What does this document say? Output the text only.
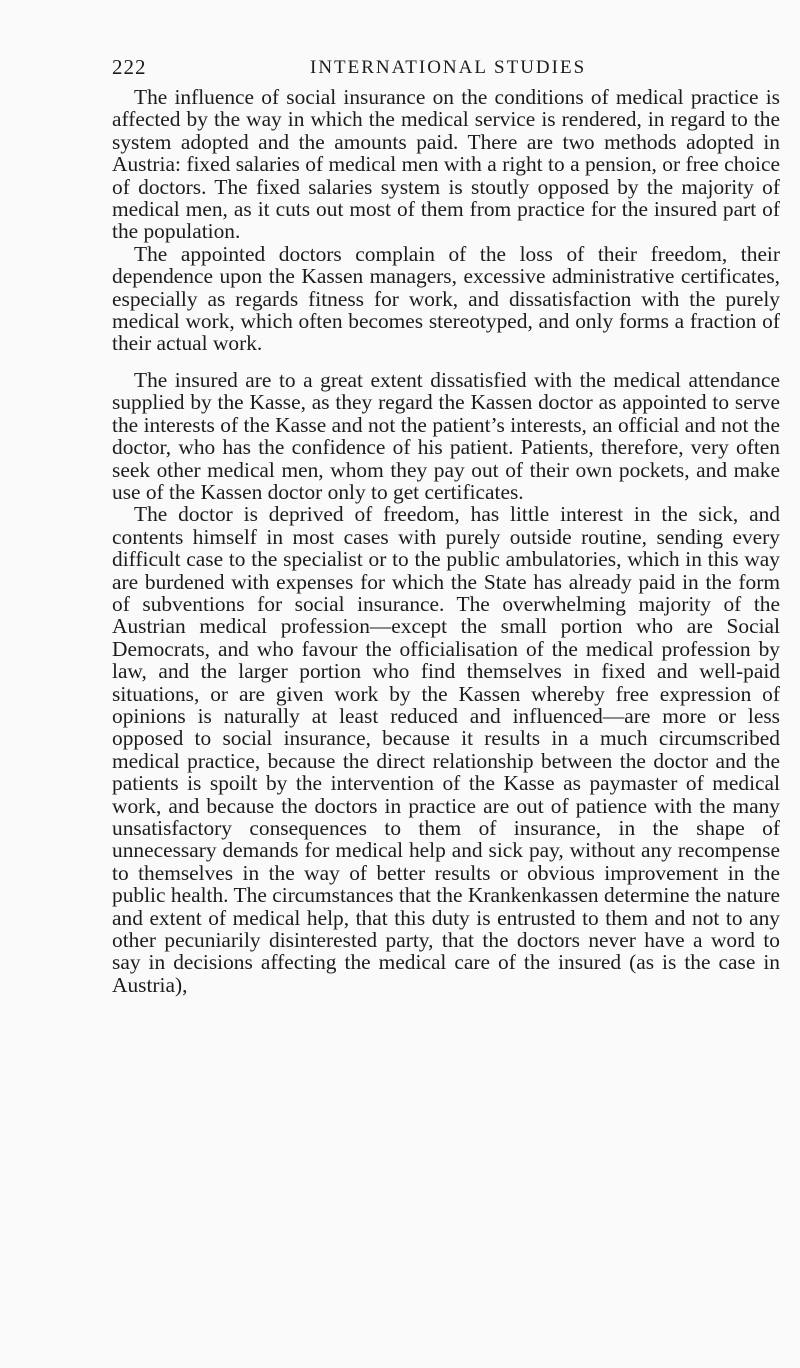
222	INTERNATIONAL STUDIES

The influence of social insurance on the conditions of medical practice is affected by the way in which the medical service is rendered, in regard to the system adopted and the amounts paid. There are two methods adopted in Austria: fixed salaries of medical men with a right to a pension, or free choice of doctors. The fixed salaries system is stoutly opposed by the majority of medical men, as it cuts out most of them from practice for the insured part of the population.

The appointed doctors complain of the loss of their freedom, their dependence upon the Kassen managers, excessive administrative certificates, especially as regards fitness for work, and dissatisfaction with the purely medical work, which often becomes stereotyped, and only forms a fraction of their actual work.

The insured are to a great extent dissatisfied with the medical attendance supplied by the Kasse, as they regard the Kassen doctor as appointed to serve the interests of the Kasse and not the patient’s interests, an official and not the doctor, who has the confidence of his patient. Patients, therefore, very often seek other medical men, whom they pay out of their own pockets, and make use of the Kassen doctor only to get certificates.

The doctor is deprived of freedom, has little interest in the sick, and contents himself in most cases with purely outside routine, sending every difficult case to the specialist or to the public ambulatories, which in this way are burdened with expenses for which the State has already paid in the form of subventions for social insurance. The overwhelming majority of the Austrian medical profession—except the small portion who are Social Democrats, and who favour the officialisation of the medical profession by law, and the larger portion who find themselves in fixed and well-paid situations, or are given work by the Kassen whereby free expression of opinions is naturally at least reduced and influenced—are more or less opposed to social insurance, because it results in a much circumscribed medical practice, because the direct relationship between the doctor and the patients is spoilt by the intervention of the Kasse as paymaster of medical work, and because the doctors in practice are out of patience with the many unsatisfactory consequences to them of insurance, in the shape of unnecessary demands for medical help and sick pay, without any recompense to themselves in the way of better results or obvious improvement in the public health. The circumstances that the Krankenkassen determine the nature and extent of medical help, that this duty is entrusted to them and not to any other pecuniarily disinterested party, that the doctors never have a word to say in decisions affecting the medical care of the insured (as is the case in Austria),
